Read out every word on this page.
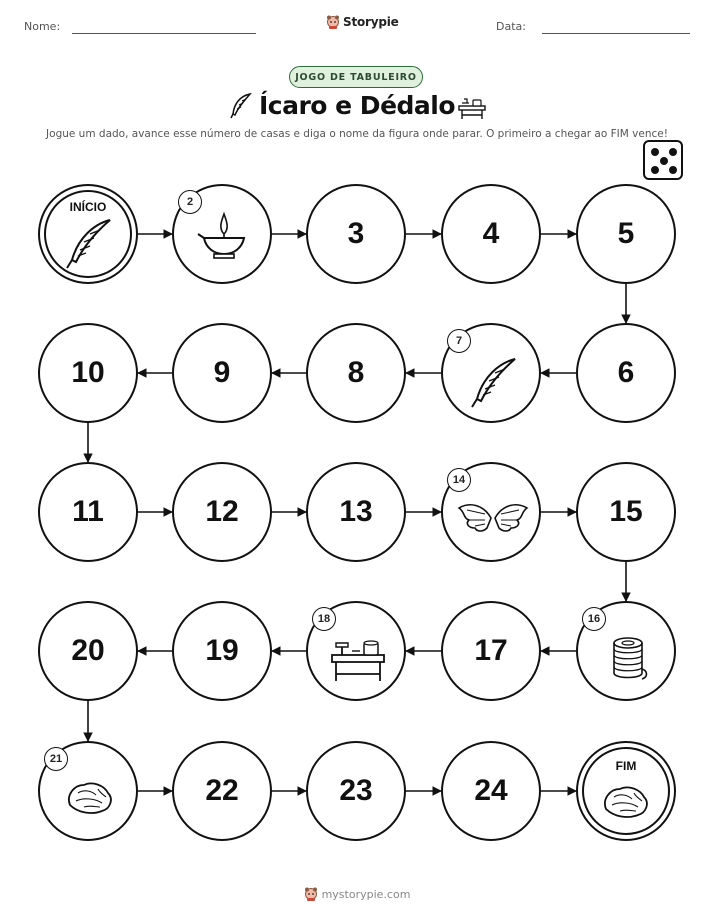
Nome:	Storypie	Data:
JOGO DE TABULEIRO
Ícaro e Dédalo
Jogue um dado, avance esse número de casas e diga o nome da figura onde parar. O primeiro a chegar ao FIM vence!
INÍCIO	2
3	4	5
6
7
8
9
10
11	12	13
14
15
16
17
18
19
20
21
22	23	24
FIM
mystorypie.com
